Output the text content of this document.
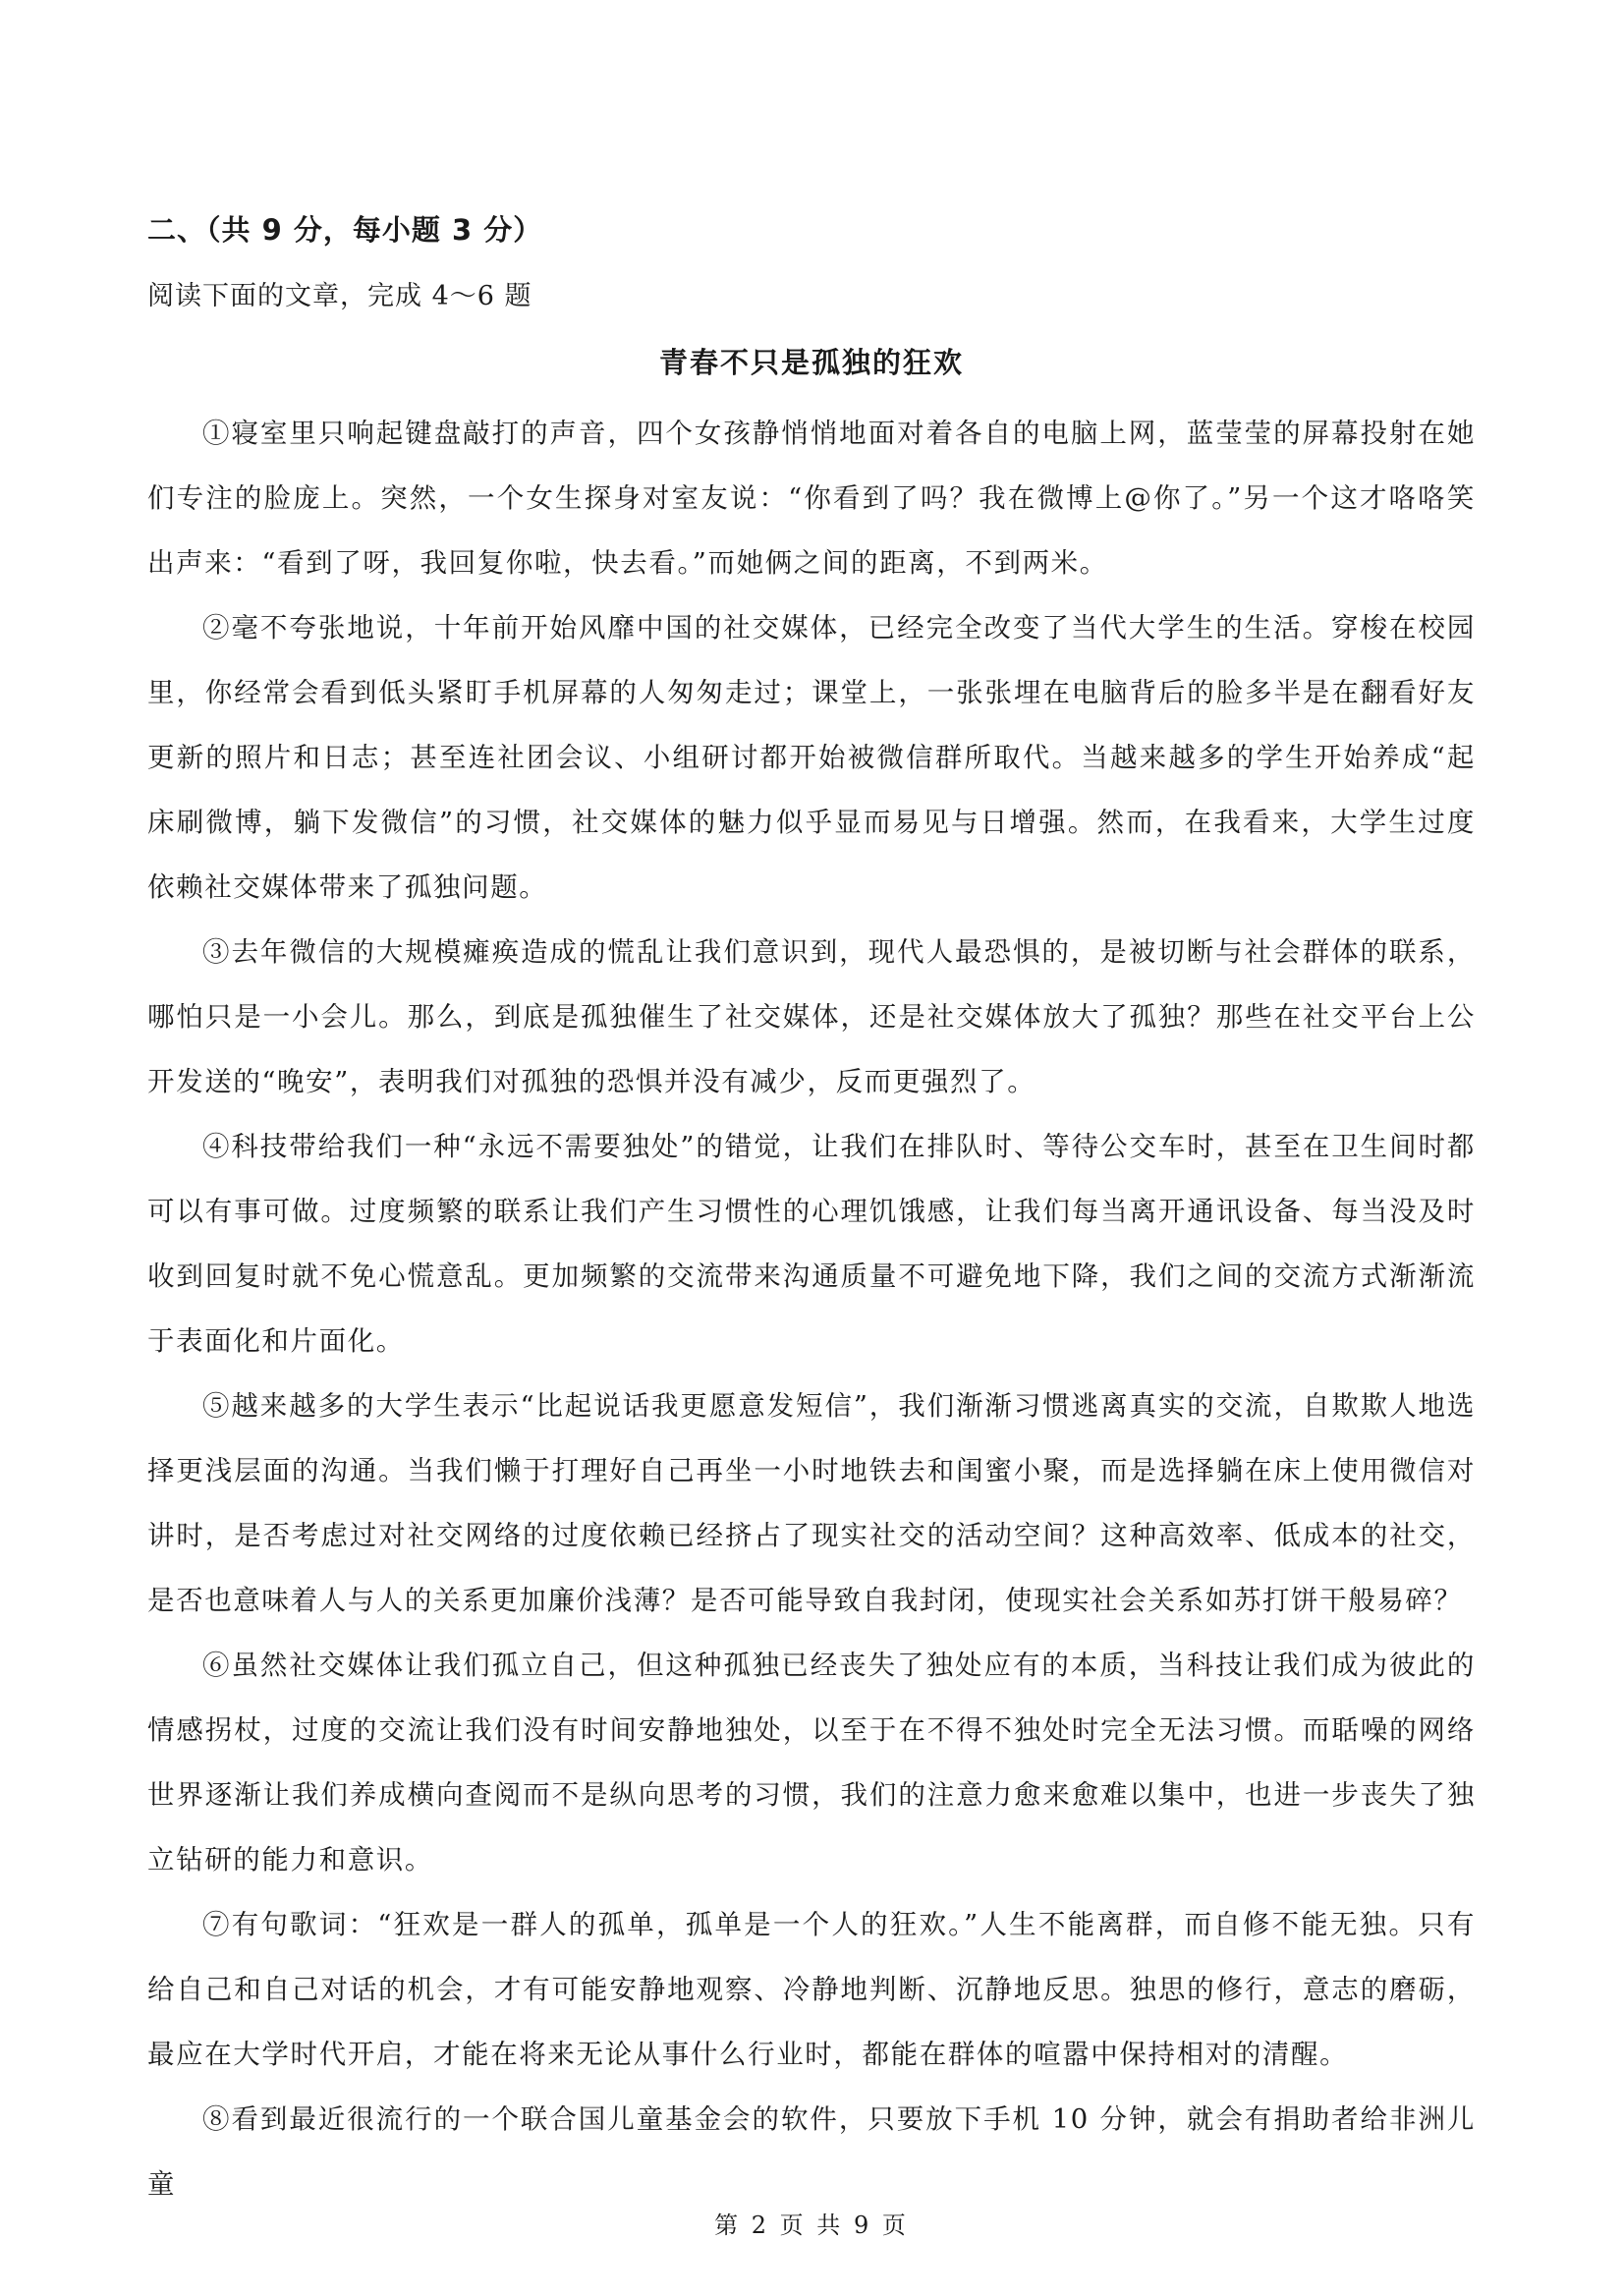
二、（共 9 分，每小题 3 分）
阅读下面的文章，完成 4～6 题
青春不只是孤独的狂欢

①寝室里只响起键盘敲打的声音，四个女孩静悄悄地面对着各自的电脑上网，蓝莹莹的屏幕投射在她们专注的脸庞上。突然，一个女生探身对室友说：“你看到了吗？我在微博上@你了。”另一个这才咯咯笑出声来：“看到了呀，我回复你啦，快去看。”而她俩之间的距离，不到两米。

②毫不夸张地说，十年前开始风靡中国的社交媒体，已经完全改变了当代大学生的生活。穿梭在校园里，你经常会看到低头紧盯手机屏幕的人匆匆走过；课堂上，一张张埋在电脑背后的脸多半是在翻看好友更新的照片和日志；甚至连社团会议、小组研讨都开始被微信群所取代。当越来越多的学生开始养成“起床刷微博，躺下发微信”的习惯，社交媒体的魅力似乎显而易见与日增强。然而，在我看来，大学生过度依赖社交媒体带来了孤独问题。

③去年微信的大规模瘫痪造成的慌乱让我们意识到，现代人最恐惧的，是被切断与社会群体的联系，哪怕只是一小会儿。那么，到底是孤独催生了社交媒体，还是社交媒体放大了孤独？那些在社交平台上公开发送的“晚安”，表明我们对孤独的恐惧并没有减少，反而更强烈了。

④科技带给我们一种“永远不需要独处”的错觉，让我们在排队时、等待公交车时，甚至在卫生间时都可以有事可做。过度频繁的联系让我们产生习惯性的心理饥饿感，让我们每当离开通讯设备、每当没及时收到回复时就不免心慌意乱。更加频繁的交流带来沟通质量不可避免地下降，我们之间的交流方式渐渐流于表面化和片面化。

⑤越来越多的大学生表示“比起说话我更愿意发短信”，我们渐渐习惯逃离真实的交流，自欺欺人地选择更浅层面的沟通。当我们懒于打理好自己再坐一小时地铁去和闺蜜小聚，而是选择躺在床上使用微信对讲时，是否考虑过对社交网络的过度依赖已经挤占了现实社交的活动空间？这种高效率、低成本的社交，是否也意味着人与人的关系更加廉价浅薄？是否可能导致自我封闭，使现实社会关系如苏打饼干般易碎？

⑥虽然社交媒体让我们孤立自己，但这种孤独已经丧失了独处应有的本质，当科技让我们成为彼此的情感拐杖，过度的交流让我们没有时间安静地独处，以至于在不得不独处时完全无法习惯。而聒噪的网络世界逐渐让我们养成横向查阅而不是纵向思考的习惯，我们的注意力愈来愈难以集中，也进一步丧失了独立钻研的能力和意识。

⑦有句歌词：“狂欢是一群人的孤单，孤单是一个人的狂欢。”人生不能离群，而自修不能无独。只有给自己和自己对话的机会，才有可能安静地观察、冷静地判断、沉静地反思。独思的修行，意志的磨砺，最应在大学时代开启，才能在将来无论从事什么行业时，都能在群体的喧嚣中保持相对的清醒。

⑧看到最近很流行的一个联合国儿童基金会的软件，只要放下手机 10 分钟，就会有捐助者给非洲儿童

第 2 页 共 9 页
